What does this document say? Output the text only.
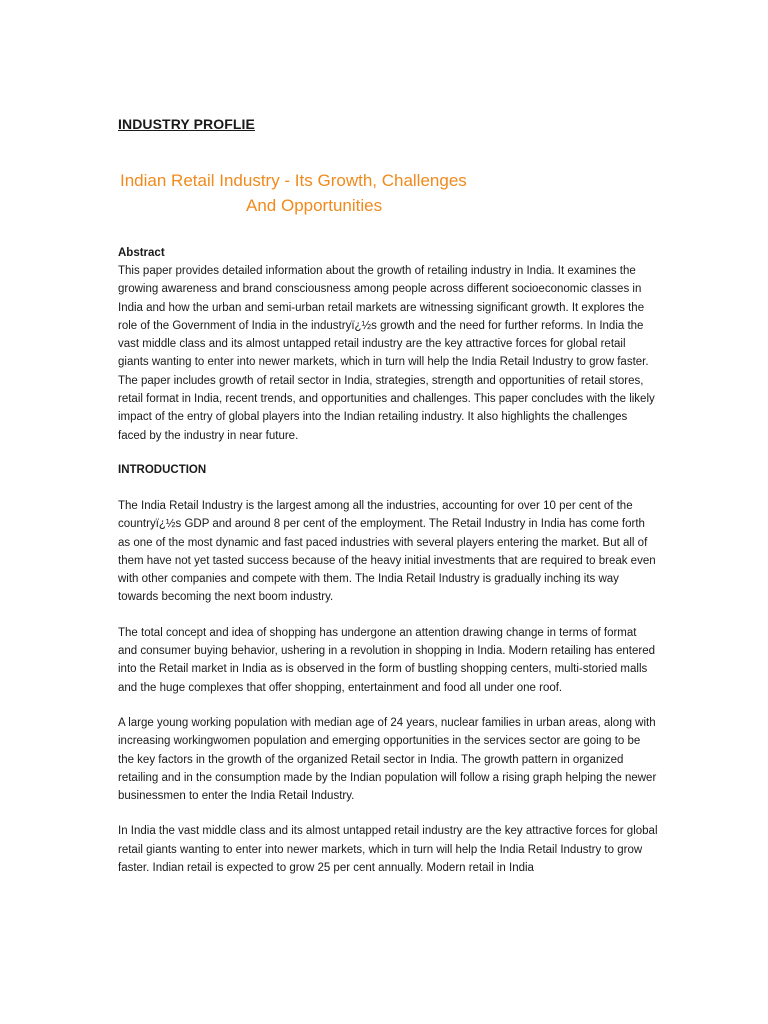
INDUSTRY PROFLIE
Indian Retail Industry - Its Growth, Challenges
And Opportunities

Abstract

This paper provides detailed information about the growth of retailing industry in India. It examines the growing awareness and brand consciousness among people across different socioeconomic classes in India and how the urban and semi-urban retail markets are witnessing significant growth. It explores the role of the Government of India in the industryï¿½s growth and the need for further reforms. In India the vast middle class and its almost untapped retail industry are the key attractive forces for global retail giants wanting to enter into newer markets, which in turn will help the India Retail Industry to grow faster. The paper includes growth of retail sector in India, strategies, strength and opportunities of retail stores, retail format in India, recent trends, and opportunities and challenges. This paper concludes with the likely impact of the entry of global players into the Indian retailing industry. It also highlights the challenges faced by the industry in near future.

INTRODUCTION

The India Retail Industry is the largest among all the industries, accounting for over 10 per cent of the countryï¿½s GDP and around 8 per cent of the employment. The Retail Industry in India has come forth as one of the most dynamic and fast paced industries with several players entering the market. But all of them have not yet tasted success because of the heavy initial investments that are required to break even with other companies and compete with them. The India Retail Industry is gradually inching its way towards becoming the next boom industry.

The total concept and idea of shopping has undergone an attention drawing change in terms of format and consumer buying behavior, ushering in a revolution in shopping in India. Modern retailing has entered into the Retail market in India as is observed in the form of bustling shopping centers, multi-storied malls and the huge complexes that offer shopping, entertainment and food all under one roof.

A large young working population with median age of 24 years, nuclear families in urban areas, along with increasing workingwomen population and emerging opportunities in the services sector are going to be the key factors in the growth of the organized Retail sector in India. The growth pattern in organized retailing and in the consumption made by the Indian population will follow a rising graph helping the newer businessmen to enter the India Retail Industry.

In India the vast middle class and its almost untapped retail industry are the key attractive forces for global retail giants wanting to enter into newer markets, which in turn will help the India Retail Industry to grow faster. Indian retail is expected to grow 25 per cent annually. Modern retail in India
